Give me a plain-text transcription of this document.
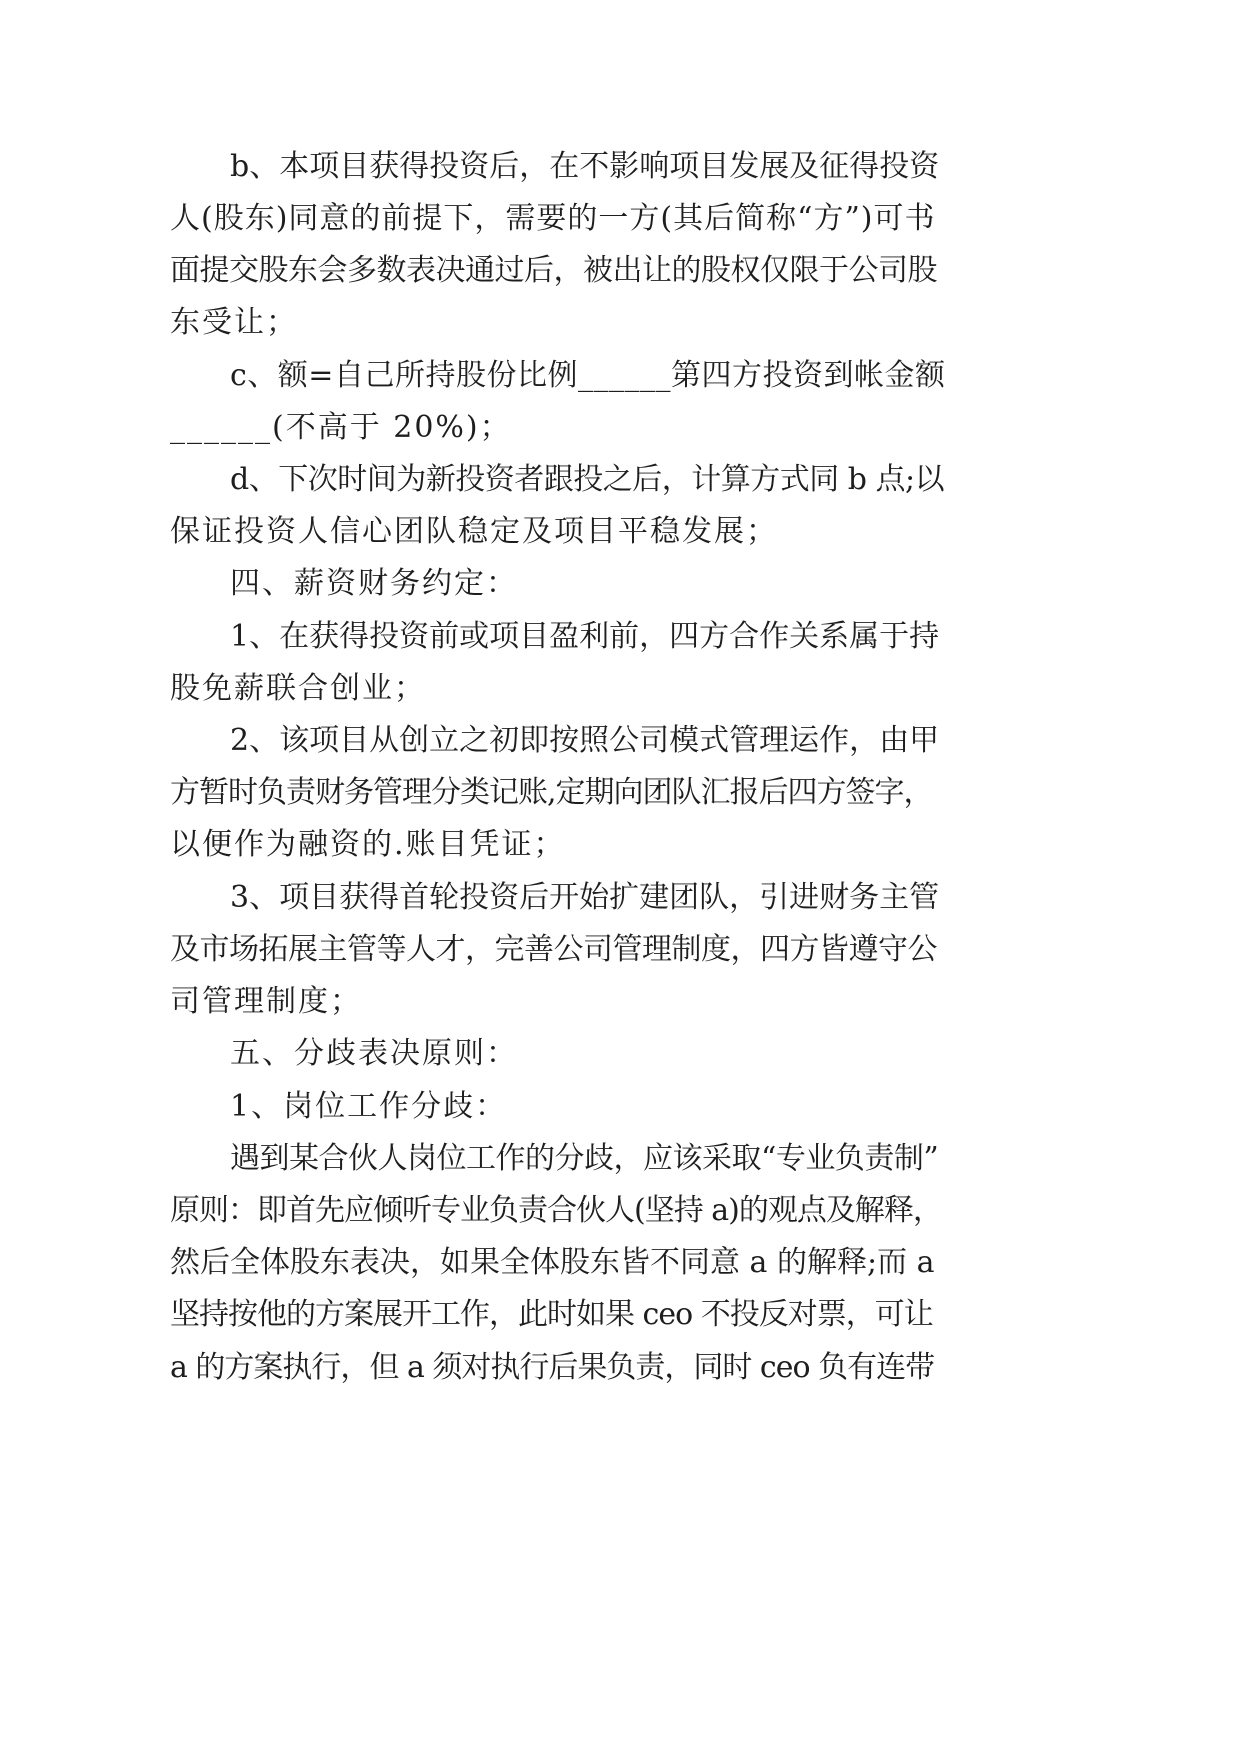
b、本项目获得投资后，在不影响项目发展及征得投资
人(股东)同意的前提下，需要的一方(其后简称“方”)可书
面提交股东会多数表决通过后，被出让的股权仅限于公司股
东受让；
c、额=自己所持股份比例______第四方投资到帐金额
______(不高于 20%)；
d、下次时间为新投资者跟投之后，计算方式同 b 点;以
保证投资人信心团队稳定及项目平稳发展；
四、薪资财务约定：
1、在获得投资前或项目盈利前，四方合作关系属于持
股免薪联合创业；
2、该项目从创立之初即按照公司模式管理运作，由甲
方暂时负责财务管理分类记账,定期向团队汇报后四方签字，
以便作为融资的.账目凭证；
3、项目获得首轮投资后开始扩建团队，引进财务主管
及市场拓展主管等人才，完善公司管理制度，四方皆遵守公
司管理制度；
五、分歧表决原则：
1、岗位工作分歧：
遇到某合伙人岗位工作的分歧，应该采取“专业负责制”
原则：即首先应倾听专业负责合伙人(坚持 a)的观点及解释，
然后全体股东表决，如果全体股东皆不同意 a 的解释;而 a
坚持按他的方案展开工作，此时如果 ceo 不投反对票，可让
a 的方案执行，但 a 须对执行后果负责，同时 ceo 负有连带
